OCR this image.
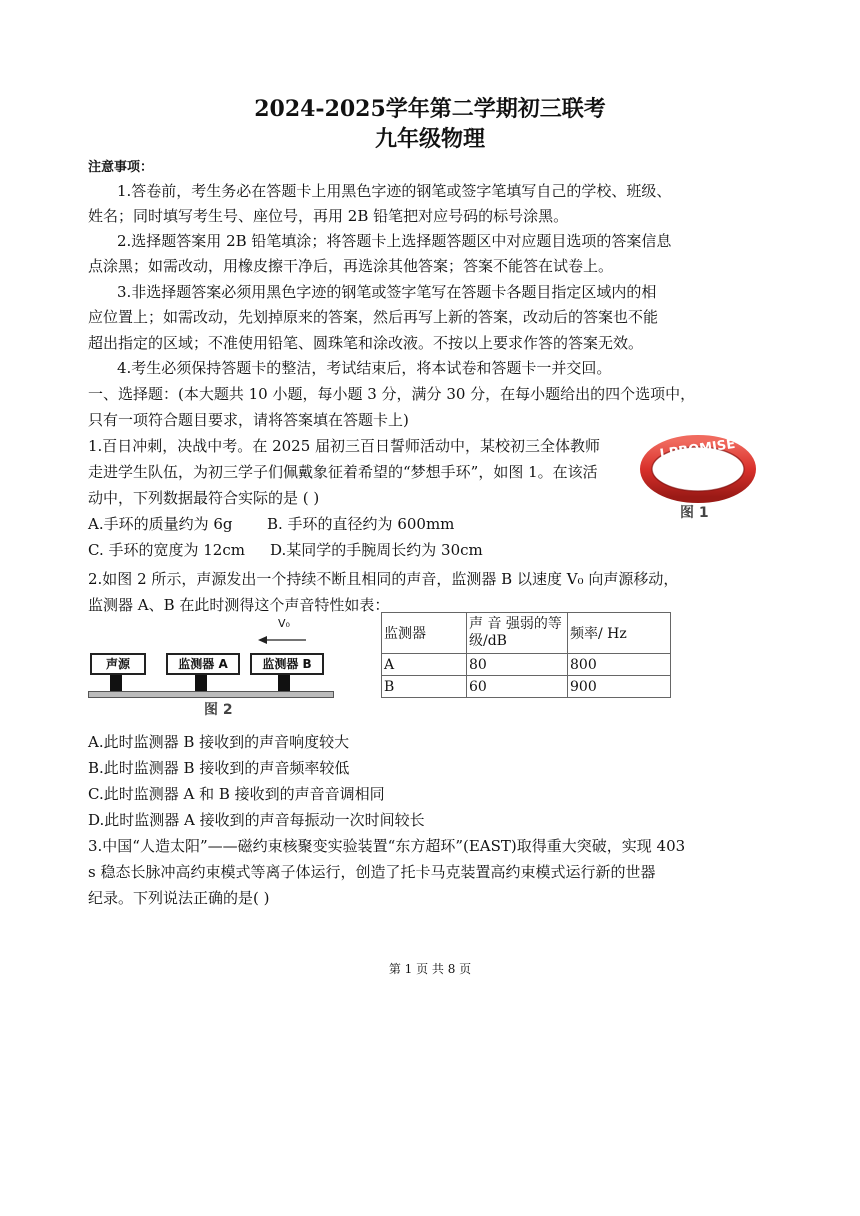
2024-2025学年第二学期初三联考
九年级物理
注意事项：
1.答卷前，考生务必在答题卡上用黑色字迹的钢笔或签字笔填写自己的学校、班级、
姓名；同时填写考生号、座位号，再用 2B 铅笔把对应号码的标号涂黑。
2.选择题答案用 2B 铅笔填涂；将答题卡上选择题答题区中对应题目选项的答案信息
点涂黑；如需改动，用橡皮擦干净后，再选涂其他答案；答案不能答在试卷上。
3.非选择题答案必须用黑色字迹的钢笔或签字笔写在答题卡各题目指定区域内的相
应位置上；如需改动，先划掉原来的答案，然后再写上新的答案，改动后的答案也不能
超出指定的区域；不准使用铅笔、圆珠笔和涂改液。不按以上要求作答的答案无效。
4.考生必须保持答题卡的整洁，考试结束后，将本试卷和答题卡一并交回。
一、选择题：(本大题共 10 小题，每小题 3 分，满分 30 分，在每小题给出的四个选项中，
只有一项符合题目要求，请将答案填在答题卡上)
1.百日冲刺，决战中考。在 2025 届初三百日誓师活动中，某校初三全体教师
走进学生队伍，为初三学子们佩戴象征着希望的“梦想手环”，如图 1。在该活
动中，下列数据最符合实际的是 ( )
A.手环的质量约为 6g B. 手环的直径约为 600mm
C. 手环的宽度为 12cm D.某同学的手腕周长约为 30cm
I PROMISE
图 1
2.如图 2 所示，声源发出一个持续不断且相同的声音，监测器 B 以速度 V₀ 向声源移动，
监测器 A、B 在此时测得这个声音特性如表：
V₀
声源	监测器 A	监测器 B
图 2
监测器	声 音 强弱的等级/dB	频率/ Hz
A	80	800
B	60	900
A.此时监测器 B 接收到的声音响度较大
B.此时监测器 B 接收到的声音频率较低
C.此时监测器 A 和 B 接收到的声音音调相同
D.此时监测器 A 接收到的声音每振动一次时间较长
3.中国“人造太阳”——磁约束核聚变实验装置“东方超环”(EAST)取得重大突破，实现 403
s 稳态长脉冲高约束模式等离子体运行，创造了托卡马克装置高约束模式运行新的世器
纪录。下列说法正确的是( )
第 1 页 共 8 页
